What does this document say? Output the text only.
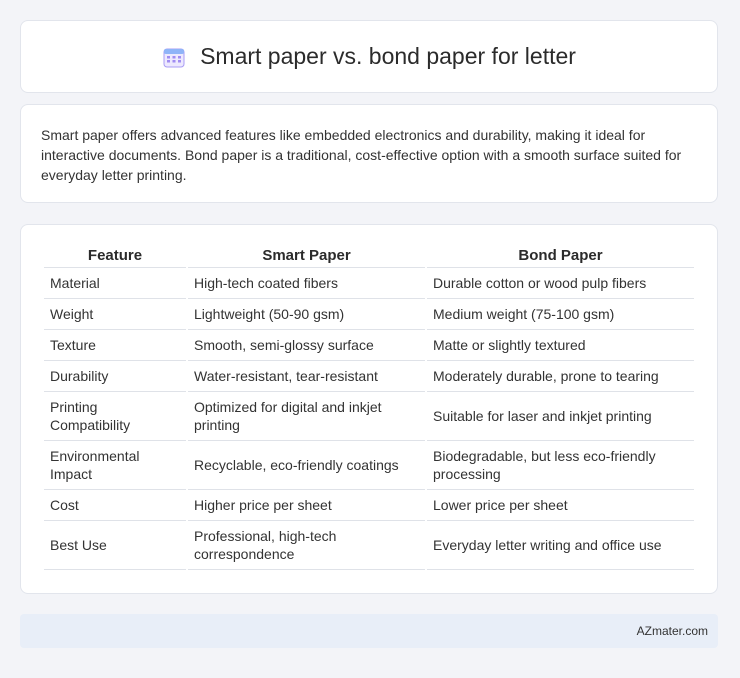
Smart paper vs. bond paper for letter

Smart paper offers advanced features like embedded electronics and durability, making it ideal for interactive documents. Bond paper is a traditional, cost-effective option with a smooth surface suited for everyday letter printing.

Feature	Smart Paper	Bond Paper
Material	High-tech coated fibers	Durable cotton or wood pulp fibers
Weight	Lightweight (50-90 gsm)	Medium weight (75-100 gsm)
Texture	Smooth, semi-glossy surface	Matte or slightly textured
Durability	Water-resistant, tear-resistant	Moderately durable, prone to tearing
Printing Compatibility	Optimized for digital and inkjet printing	Suitable for laser and inkjet printing
Environmental Impact	Recyclable, eco-friendly coatings	Biodegradable, but less eco-friendly processing
Cost	Higher price per sheet	Lower price per sheet
Best Use	Professional, high-tech correspondence	Everyday letter writing and office use
AZmater.com
